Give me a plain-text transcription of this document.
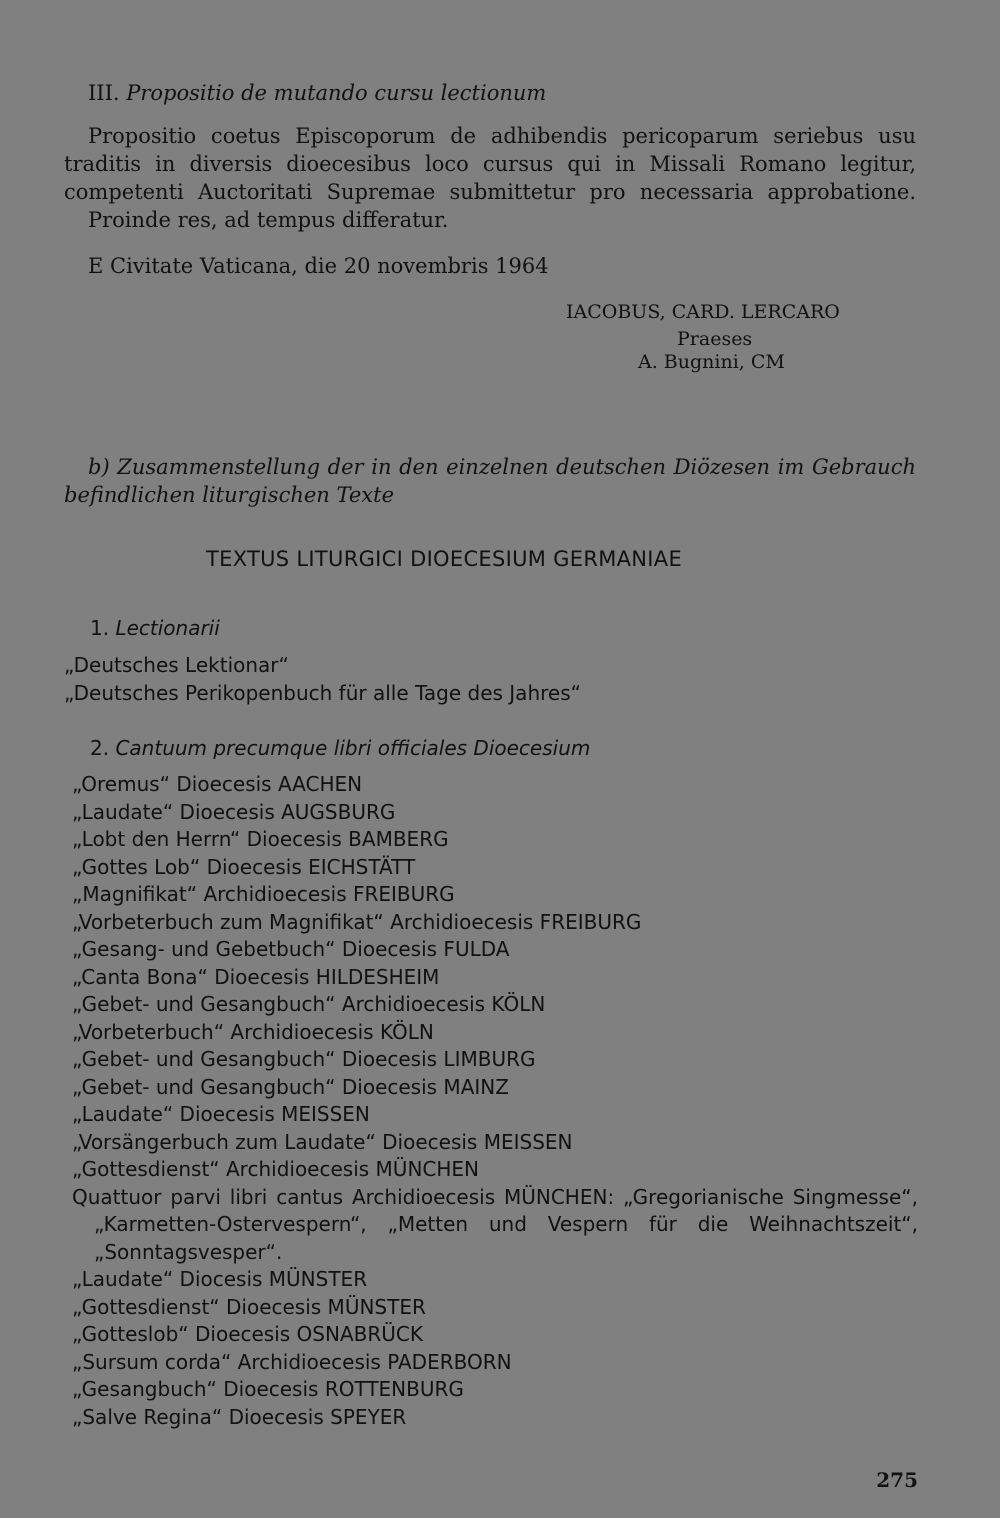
III. Propositio de mutando cursu lectionum

Propositio coetus Episcoporum de adhibendis pericoparum seriebus usu traditis in diversis dioecesibus loco cursus qui in Missali Romano legitur, competenti Auctoritati Supremae submittetur pro necessaria approbatione.

Proinde res, ad tempus differatur.

E Civitate Vaticana, die 20 novembris 1964
IACOBUS, CARD. LERCARO
Praeses
A. Bugnini, CM
b) Zusammenstellung der in den einzelnen deutschen Diözesen im Gebrauch befindlichen liturgischen Texte
TEXTUS LITURGICI DIOECESIUM GERMANIAE
1. Lectionarii
„Deutsches Lektionar“
„Deutsches Perikopenbuch für alle Tage des Jahres“
2. Cantuum precumque libri officiales Dioecesium
„Oremus“ Dioecesis AACHEN
„Laudate“ Dioecesis AUGSBURG
„Lobt den Herrn“ Dioecesis BAMBERG
„Gottes Lob“ Dioecesis EICHSTÄTT
„Magnifikat“ Archidioecesis FREIBURG
„Vorbeterbuch zum Magnifikat“ Archidioecesis FREIBURG
„Gesang- und Gebetbuch“ Dioecesis FULDA
„Canta Bona“ Dioecesis HILDESHEIM
„Gebet- und Gesangbuch“ Archidioecesis KÖLN
„Vorbeterbuch“ Archidioecesis KÖLN
„Gebet- und Gesangbuch“ Dioecesis LIMBURG
„Gebet- und Gesangbuch“ Dioecesis MAINZ
„Laudate“ Dioecesis MEISSEN
„Vorsängerbuch zum Laudate“ Dioecesis MEISSEN
„Gottesdienst“ Archidioecesis MÜNCHEN
Quattuor parvi libri cantus Archidioecesis MÜNCHEN: „Gregorianische Singmesse“, „Karmetten-Ostervespern“, „Metten und Vespern für die Weihnachtszeit“, „Sonntagsvesper“.
„Laudate“ Diocesis MÜNSTER
„Gottesdienst“ Dioecesis MÜNSTER
„Gotteslob“ Dioecesis OSNABRÜCK
„Sursum corda“ Archidioecesis PADERBORN
„Gesangbuch“ Dioecesis ROTTENBURG
„Salve Regina“ Dioecesis SPEYER
275
